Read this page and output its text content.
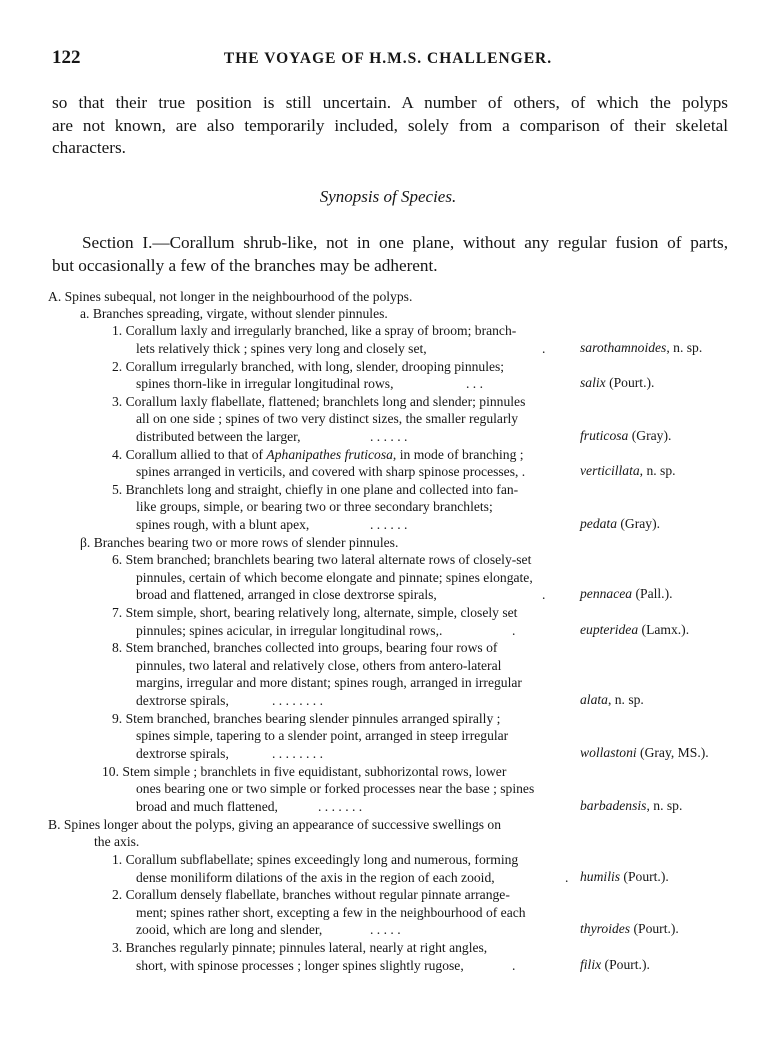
122	THE VOYAGE OF H.M.S. CHALLENGER.
so that their true position is still uncertain. A number of others, of which the polyps
are not known, are also temporarily included, solely from a comparison of their skeletal
characters.
Synopsis of Species.
Section I.—Corallum shrub-like, not in one plane, without any regular fusion of parts,
but occasionally a few of the branches may be adherent.
A. Spines subequal, not longer in the neighbourhood of the polyps.
a. Branches spreading, virgate, without slender pinnules.
1. Corallum laxly and irregularly branched, like a spray of broom; branch-
lets relatively thick ; spines very long and closely set,	.	sarothamnoides, n. sp.
2. Corallum irregularly branched, with long, slender, drooping pinnules;
spines thorn-like in irregular longitudinal rows,	. . .	salix (Pourt.).
3. Corallum laxly flabellate, flattened; branchlets long and slender; pinnules
all on one side ; spines of two very distinct sizes, the smaller regularly
distributed between the larger,	. . . . . .	fruticosa (Gray).
4. Corallum allied to that of Aphanipathes fruticosa, in mode of branching ;
spines arranged in verticils, and covered with sharp spinose processes, .	verticillata, n. sp.
5. Branchlets long and straight, chiefly in one plane and collected into fan-
like groups, simple, or bearing two or three secondary branchlets;
spines rough, with a blunt apex,	. . . . . .	pedata (Gray).
β. Branches bearing two or more rows of slender pinnules.
6. Stem branched; branchlets bearing two lateral alternate rows of closely-set
pinnules, certain of which become elongate and pinnate; spines elongate,
broad and flattened, arranged in close dextrorse spirals,	.	pennacea (Pall.).
7. Stem simple, short, bearing relatively long, alternate, simple, closely set
pinnules; spines acicular, in irregular longitudinal rows,.	.	eupteridea (Lamx.).
8. Stem branched, branches collected into groups, bearing four rows of
pinnules, two lateral and relatively close, others from antero-lateral
margins, irregular and more distant; spines rough, arranged in irregular
dextrorse spirals,	. . . . . . . .	alata, n. sp.
9. Stem branched, branches bearing slender pinnules arranged spirally ;
spines simple, tapering to a slender point, arranged in steep irregular
dextrorse spirals,	. . . . . . . .	wollastoni (Gray, MS.).
10. Stem simple ; branchlets in five equidistant, subhorizontal rows, lower
ones bearing one or two simple or forked processes near the base ; spines
broad and much flattened,	. . . . . . .	barbadensis, n. sp.
B. Spines longer about the polyps, giving an appearance of successive swellings on
the axis.
1. Corallum subflabellate; spines exceedingly long and numerous, forming
dense moniliform dilations of the axis in the region of each zooid,	. humilis (Pourt.).
2. Corallum densely flabellate, branches without regular pinnate arrange-
ment; spines rather short, excepting a few in the neighbourhood of each
zooid, which are long and slender,	. . . . .	thyroides (Pourt.).
3. Branches regularly pinnate; pinnules lateral, nearly at right angles,
short, with spinose processes ; longer spines slightly rugose,	.	filix (Pourt.).
